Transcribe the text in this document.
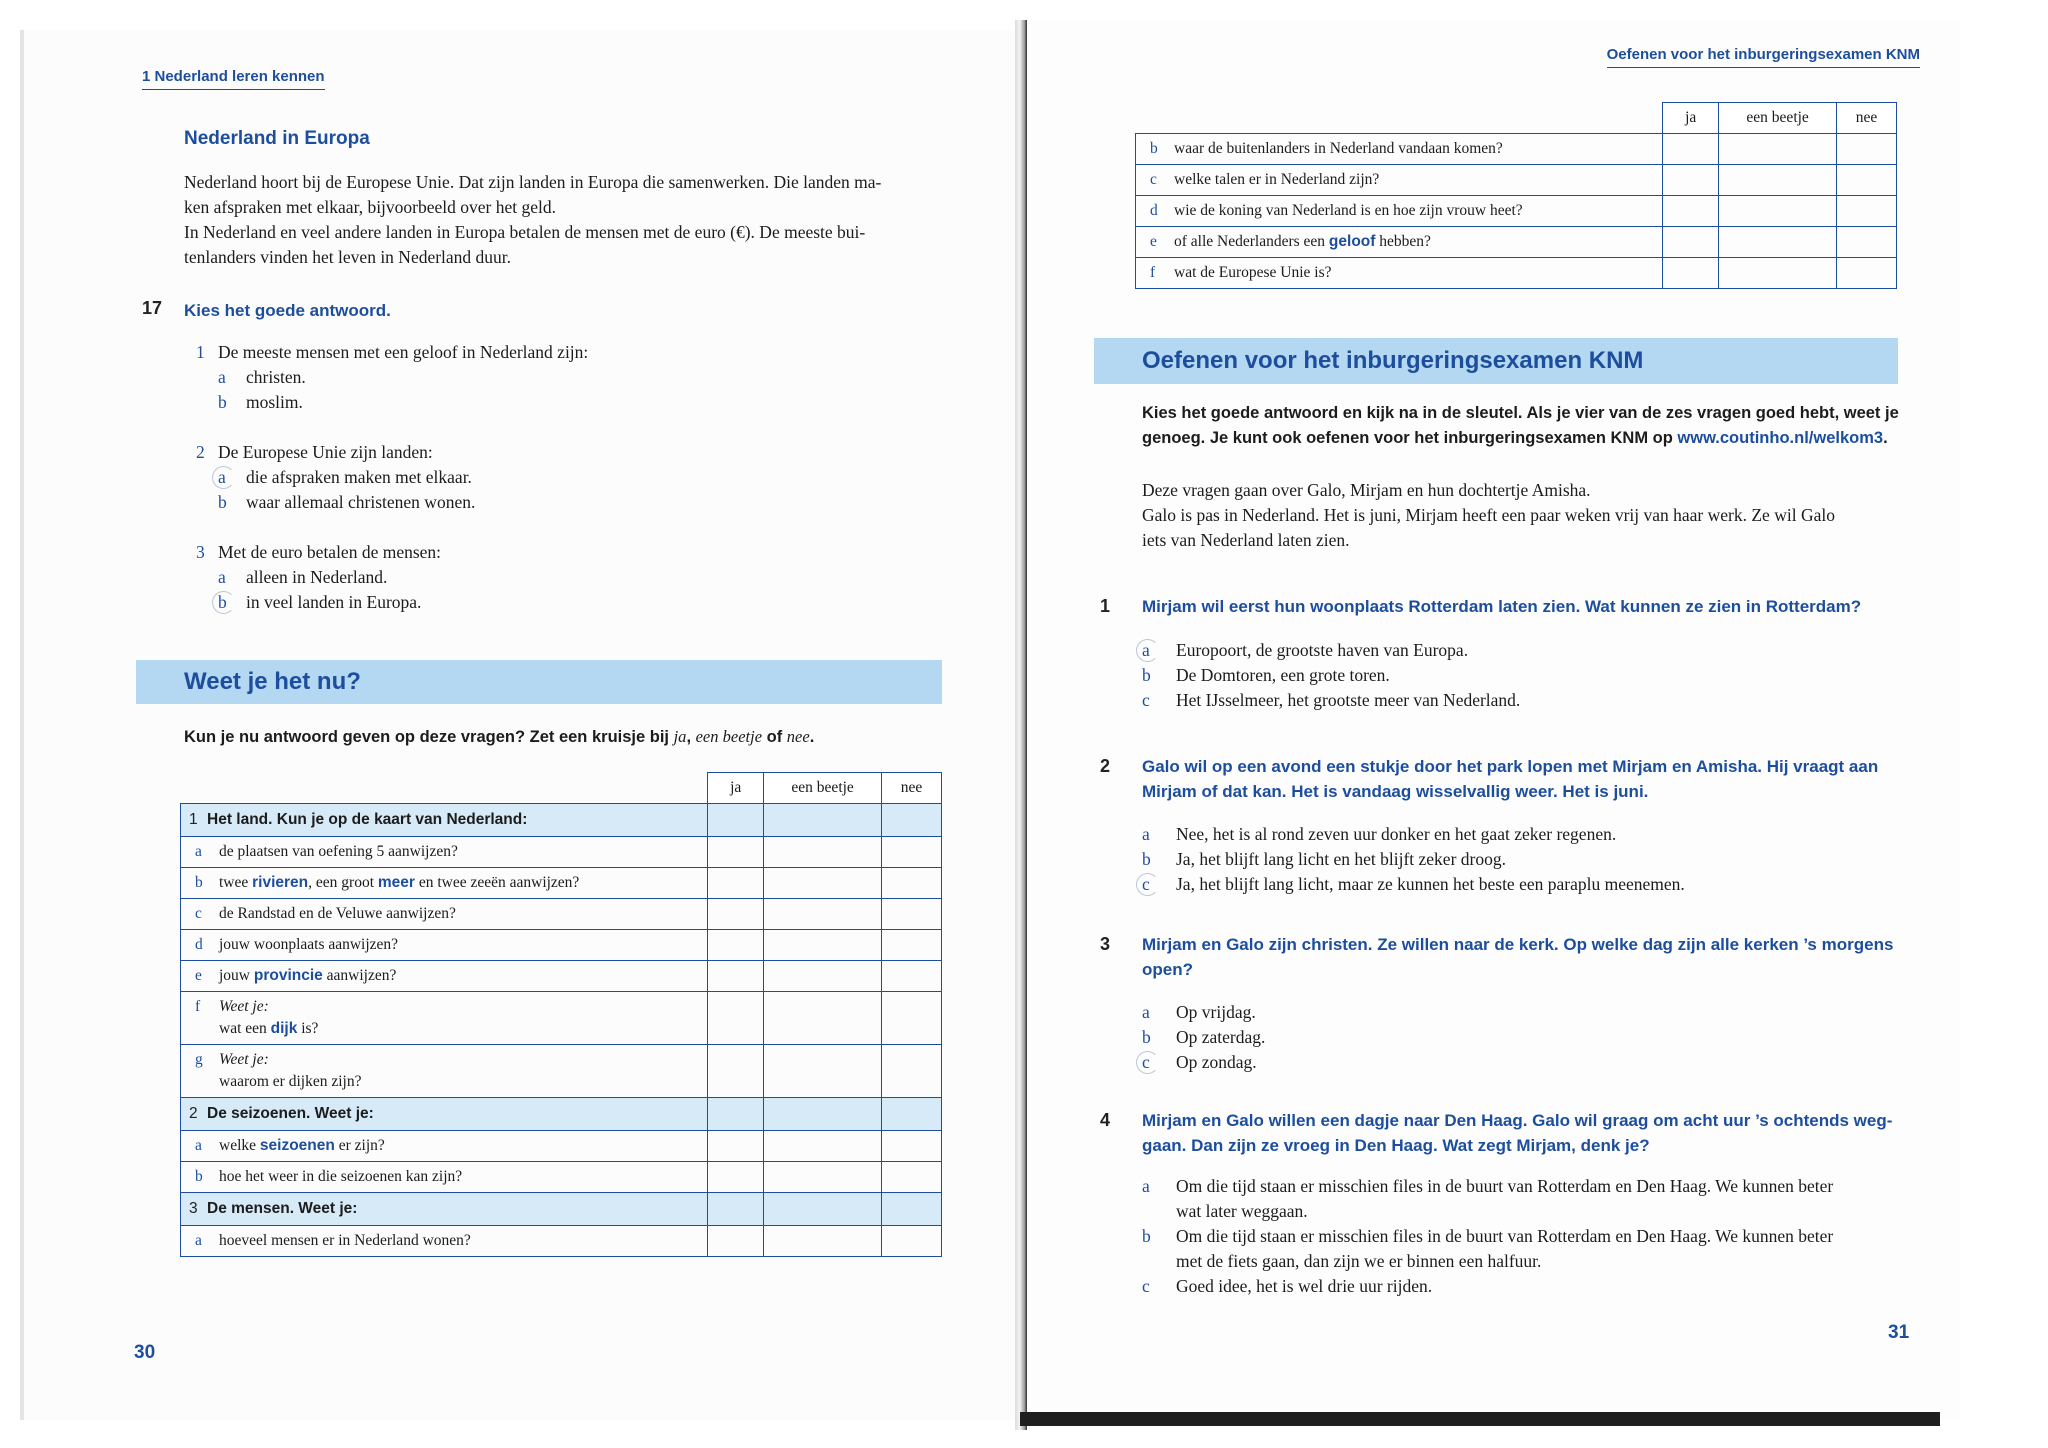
1 Nederland leren kennen
Nederland in Europa
Nederland hoort bij de Europese Unie. Dat zijn landen in Europa die samenwerken. Die landen ma-
ken afspraken met elkaar, bijvoorbeeld over het geld.
In Nederland en veel andere landen in Europa betalen de mensen met de euro (€). De meeste bui-
tenlanders vinden het leven in Nederland duur.
17 Kies het goede antwoord.
1 De meeste mensen met een geloof in Nederland zijn:
a	christen.
b	moslim.
2 De Europese Unie zijn landen:
a	die afspraken maken met elkaar.
b	waar allemaal christenen wonen.
3 Met de euro betalen de mensen:
a	alleen in Nederland.
b	in veel landen in Europa.
Weet je het nu?
Kun je nu antwoord geven op deze vragen? Zet een kruisje bij ja, een beetje of nee.
	ja	een beetje	nee
1 Het land. Kun je op de kaart van Nederland:			
a de plaatsen van oefening 5 aanwijzen?			
b twee rivieren, een groot meer en twee zeeën aanwijzen?			
c de Randstad en de Veluwe aanwijzen?			
d jouw woonplaats aanwijzen?			
e jouw provincie aanwijzen?			
f Weet je:
wat een dijk is?			

g Weet je:
waarom er dijken zijn?			

2 De seizoenen. Weet je:			
a welke seizoenen er zijn?			
b hoe het weer in die seizoenen kan zijn?			
3 De mensen. Weet je:			
a hoeveel mensen er in Nederland wonen?			
30
Oefenen voor het inburgeringsexamen KNM
	ja	een beetje	nee
b waar de buitenlanders in Nederland vandaan komen?			
c welke talen er in Nederland zijn?			
d wie de koning van Nederland is en hoe zijn vrouw heet?			
e of alle Nederlanders een geloof hebben?			
f wat de Europese Unie is?			
Oefenen voor het inburgeringsexamen KNM
Kies het goede antwoord en kijk na in de sleutel. Als je vier van de zes vragen goed hebt, weet je
genoeg. Je kunt ook oefenen voor het inburgeringsexamen KNM op www.coutinho.nl/welkom3.
Deze vragen gaan over Galo, Mirjam en hun dochtertje Amisha.
Galo is pas in Nederland. Het is juni, Mirjam heeft een paar weken vrij van haar werk. Ze wil Galo
iets van Nederland laten zien.
1 Mirjam wil eerst hun woonplaats Rotterdam laten zien. Wat kunnen ze zien in Rotterdam?
a	Europoort, de grootste haven van Europa.
b	De Domtoren, een grote toren.
c	Het IJsselmeer, het grootste meer van Nederland.
2 Galo wil op een avond een stukje door het park lopen met Mirjam en Amisha. Hij vraagt aan
Mirjam of dat kan. Het is vandaag wisselvallig weer. Het is juni.
a	Nee, het is al rond zeven uur donker en het gaat zeker regenen.
b	Ja, het blijft lang licht en het blijft zeker droog.
c	Ja, het blijft lang licht, maar ze kunnen het beste een paraplu meenemen.
3 Mirjam en Galo zijn christen. Ze willen naar de kerk. Op welke dag zijn alle kerken ’s morgens
open?
a	Op vrijdag.
b	Op zaterdag.
c	Op zondag.
4 Mirjam en Galo willen een dagje naar Den Haag. Galo wil graag om acht uur ’s ochtends weg-
gaan. Dan zijn ze vroeg in Den Haag. Wat zegt Mirjam, denk je?
a	Om die tijd staan er misschien files in de buurt van Rotterdam en Den Haag. We kunnen beter
wat later weggaan.
b	Om die tijd staan er misschien files in de buurt van Rotterdam en Den Haag. We kunnen beter
met de fiets gaan, dan zijn we er binnen een halfuur.
c	Goed idee, het is wel drie uur rijden.
31
